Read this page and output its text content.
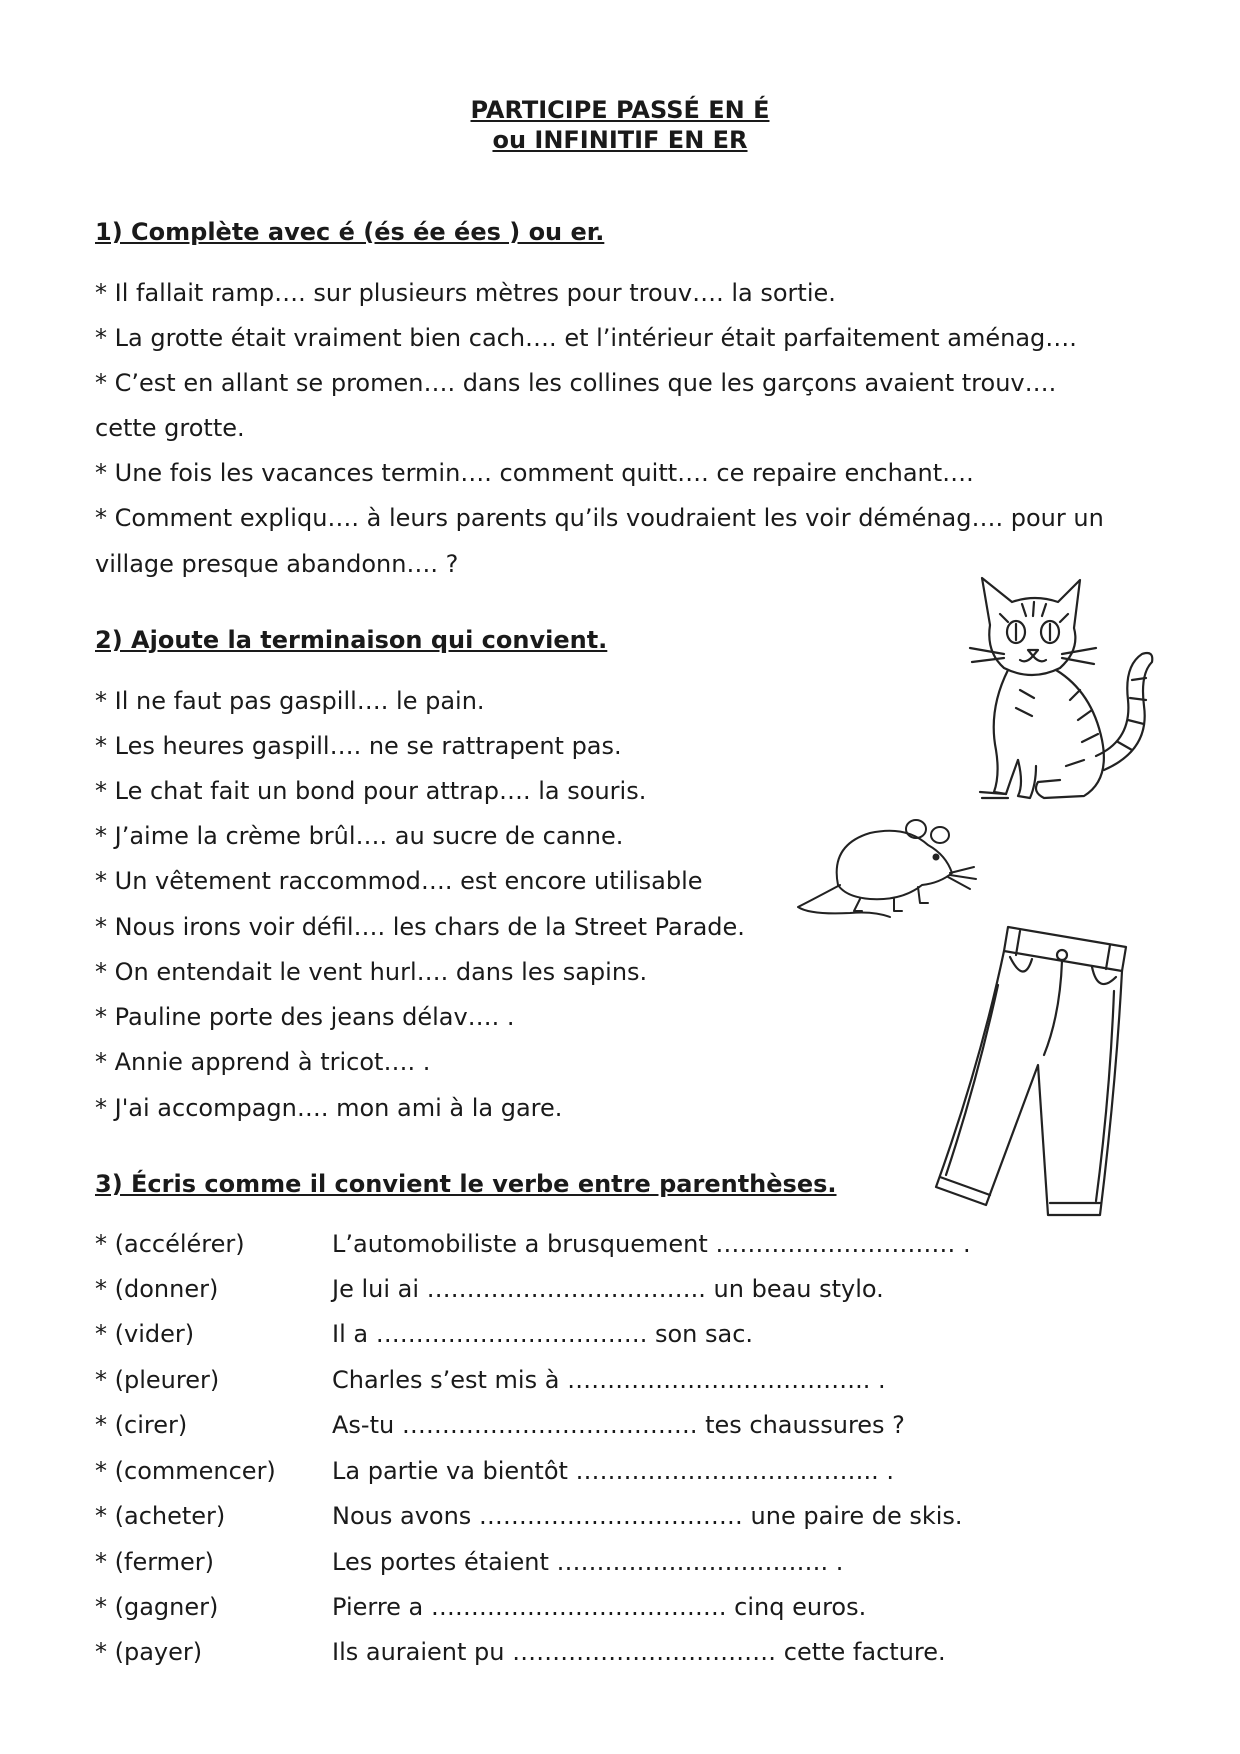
PARTICIPE PASSÉ EN É
ou INFINITIF EN ER
1) Complète avec é (és ée ées ) ou er.
* Il fallait ramp…. sur plusieurs mètres pour trouv…. la sortie.
* La grotte était vraiment bien cach…. et l’intérieur était parfaitement aménag….
* C’est en allant se promen…. dans les collines que les garçons avaient trouv….
cette grotte.
* Une fois les vacances termin…. comment quitt…. ce repaire enchant….
* Comment expliqu…. à leurs parents qu’ils voudraient les voir déménag…. pour un
village presque abandonn…. ?
2) Ajoute la terminaison qui convient.
* Il ne faut pas gaspill…. le pain.
* Les heures gaspill…. ne se rattrapent pas.
* Le chat fait un bond pour attrap…. la souris.
* J’aime la crème brûl…. au sucre de canne.
* Un vêtement raccommod…. est encore utilisable
* Nous irons voir défil…. les chars de la Street Parade.
* On entendait le vent hurl…. dans les sapins.
* Pauline porte des jeans délav…. .
* Annie apprend à tricot…. .
* J'ai accompagn…. mon ami à la gare.
3) Écris comme il convient le verbe entre parenthèses.
* (accélérer)	L’automobiliste a brusquement ………………………… .
* (donner)	Je lui ai …………………………….. un beau stylo.
* (vider)	Il a ……………………………. son sac.
* (pleurer)	Charles s’est mis à ……………………………….. .
* (cirer)	As-tu ………………………………. tes chaussures ?
* (commencer) La partie va bientôt ……………………………….. .
* (acheter)	Nous avons …………………………… une paire de skis.
* (fermer)	Les portes étaient ……………………………. .
* (gagner)	Pierre a ………………………………. cinq euros.
* (payer)	Ils auraient pu …………………………… cette facture.
